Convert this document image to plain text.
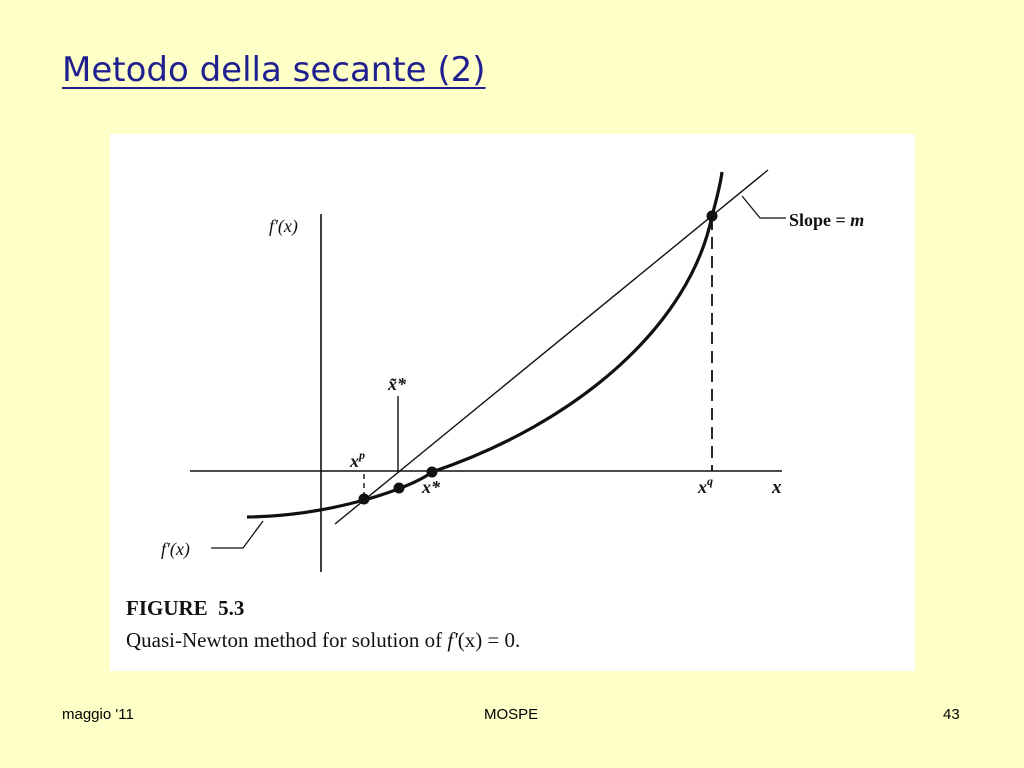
Metodo della secante (2)
f'(x)	Slope = m
x̃*
$x^p$
x*	$x^q$	x
f'(x)
FIGURE  5.3
Quasi-Newton method for solution of f'(x) = 0.
maggio '11	MOSPE	43
